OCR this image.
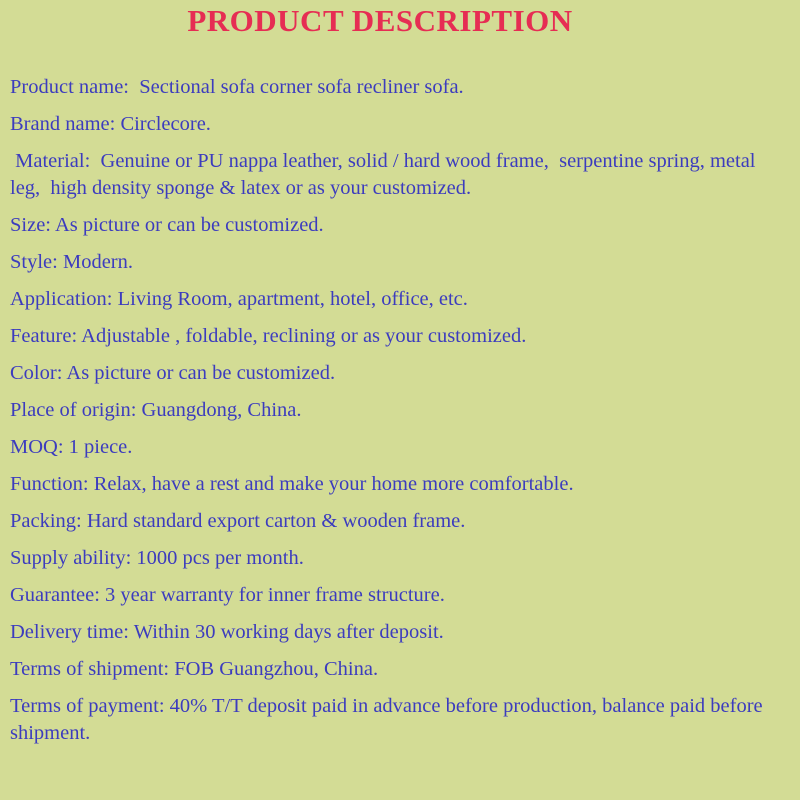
PRODUCT DESCRIPTION

Product name:  Sectional sofa corner sofa recliner sofa.

Brand name: Circlecore.

Material:  Genuine or PU nappa leather, solid / hard wood frame,  serpentine spring, metal leg,  high density sponge & latex or as your customized.

Size: As picture or can be customized.

Style: Modern.

Application: Living Room, apartment, hotel, office, etc.

Feature: Adjustable , foldable, reclining or as your customized.

Color: As picture or can be customized.

Place of origin: Guangdong, China.

MOQ: 1 piece.

Function: Relax, have a rest and make your home more comfortable.

Packing: Hard standard export carton & wooden frame.

Supply ability: 1000 pcs per month.

Guarantee: 3 year warranty for inner frame structure.

Delivery time: Within 30 working days after deposit.

Terms of shipment: FOB Guangzhou, China.

Terms of payment: 40% T/T deposit paid in advance before production, balance paid before shipment.
